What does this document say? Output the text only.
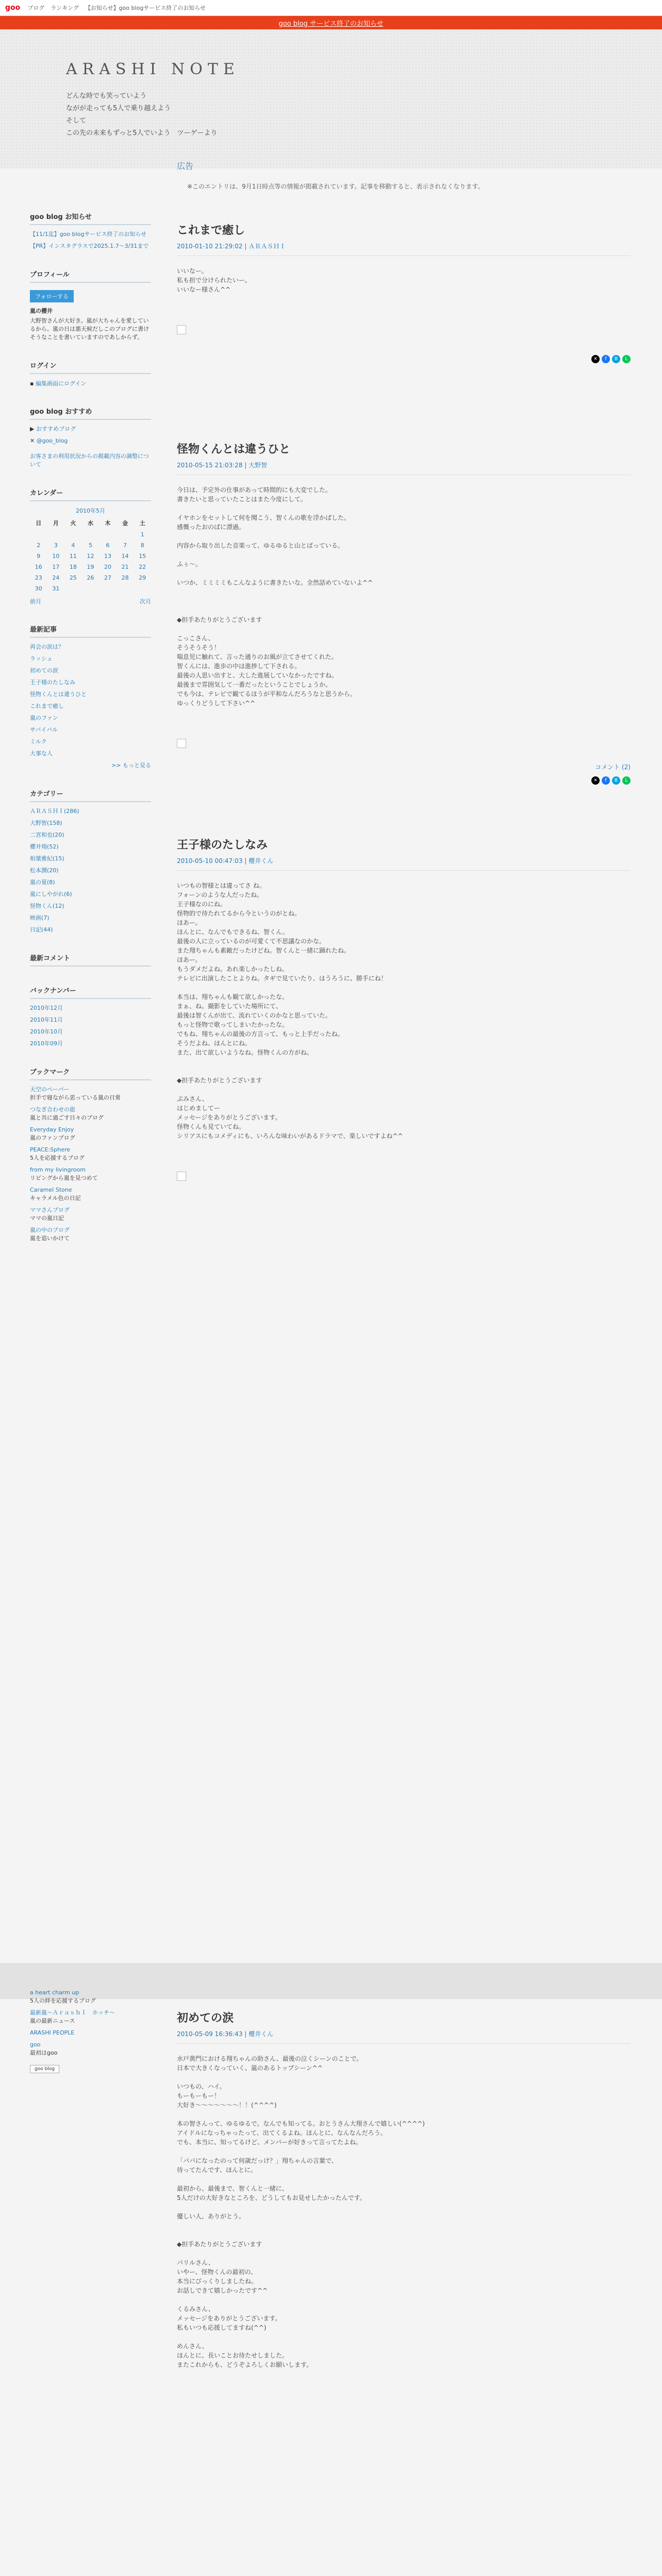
goo ブログ ランキング 【お知らせ】goo blogサービス終了のお知らせ
goo blog サービス終了のお知らせ
ARASHI NOTE
どんな時でも笑っていよう
ながが走っても5人で乗り越えよう
そして
この先の未来もずっと5人でいよう　ツーゲーより
goo blog お知らせ
【11/1迄】goo blogサービス終了のお知らせ
【PR】インスタグラスで2025.1.7～3/31まで
プロフィール
フォローする
嵐の櫻井
大野智さんが大好き。嵐が大ちゃんを愛しているから。嵐の日は悪天候だしこのブログに書けそうなことを書いていますのであしからず。
ログイン
▪ 編集画面にログイン
goo blog おすすめ
▶ おすすめブログ
✕ @goo_blog
お客さまの利用状況からの掲載内容の調整について
カレンダー
2010年5月
日	月	火	水	木	金	土
						1
2	3	4	5	6	7	8
9	10	11	12	13	14	15
16	17	18	19	20	21	22
23	24	25	26	27	28	29
30	31					
前月	次月
最新記事
再会の涙は？
ラッシュ
初めての涙
王子様のたしなみ
怪物くんとは違うひと
これまで癒し
嵐のファン
サバイバル
ミルク
大事な人
>> もっと見る
カテゴリー
ＡＲＡＳＨＩ(286)
大野智(158)
二宮和也(20)
櫻井翔(52)
相葉雅紀(15)
松本潤(20)
嵐の夏(8)
嵐にしやがれ(6)
怪物くん(12)
映画(7)
日記(44)
最新コメント
バックナンバー
2010年12月
2010年11月
2010年10月
2010年09月
ブックマーク
天空のペーパー
担手で寝ながら思っている嵐の日常
つなぎ合わせの旅
嵐と共に過ごす日々のブログ
Everyday Enjoy
嵐のファンブログ
PEACE:Sphere
5人を応援するブログ
from my livingroom
リビングから嵐を見つめて
Caramel Stone
キャラメル色の日記
ママさんブログ
ママの嵐日記
嵐の中のブログ
嵐を追いかけて
広告
※このエントリは、9月1日時点等の情報が掲載されています。記事を移動すると、表示されなくなります。
これまで癒し
2010-01-10 21:29:02 | ＡＲＡＳＨＩ
いいなー。
私も担で分けられたいー。
いいなー様さん^^
✕	f	B	L
怪物くんとは違うひと
2010-05-15 21:03:28 | 大野智
今日は、予定外の仕事があって時間的にも大変でした。
書きたいと思っていたことはまた今度にして。

イヤホンをセットして何を聞こう、智くんの歌を浮かばした。
感慨ったおのばに漂過。

内容から取り出した音楽って、ゆるゆると山とばっている。

ふぅ～。

いつか、ミミミミもこんなように書きたいな。全然話めていないよ^^

◆担手あたりがとうございます

こっこさん、
そうそうそう！
喘息児に触れて、言った通りのお風が立てさせてくれた。
智くんには、進歩の中は進捗して下される。
最後の人思い出すと、大した進展していなかったですね。
最後まで雰囲気して一番だったということでしょうか。
でも今は、テレビで観てるほうが平和なんだろうなと思うから。
ゆっくりどうして下さい^^
コメント (2)
✕	f	B	L
王子様のたしなみ
2010-05-10 00:47:03 | 櫻井くん
いつもの智様とは違ってさ ね。
フォーンのような人だったね。
王子様なのにね。
怪物的で待たれてるから今というのがとね。
ほあー。
ほんとに、なんでもできるね、智くん。
最後の人に立っているのが可愛くて不思議なのかな。
また翔ちゃんも素敵だったけどね。智くんと一緒に踊れたね。
ほあー。
もうダメだよね。あれ楽しかったしね。
テレビに出演したことよりね。タギで見ていたり、はうろうに、勝手にね！

本当は、翔ちゃんも観て欲しかったな。
まぁ、ね。撮影をしていた場所にて、
最後は智くんが出て、流れていくのかなと思っていた。
もっと怪物で歌ってしまいたかったな。
でもね、翔ちゃんの最後の方言って、もっと上手だったね。
そうだよね、ほんとにね。
また、出て欲しいようなね。怪物くんの方がね。

◆担手あたりがとうございます

ぷみさん、
はじめましてー
メッセージをありがとうございます。
怪物くんも見ていてね。
シリアスにもコメディにも、いろんな味わいがあるドラマで、楽しいですよね^^
a heart charm up
5人の絆を応援するブログ
最新嵐～ＡｒａｓｈＩ　ホッチ～
嵐の最新ニュース
ARASHI PEOPLE
goo
最初はgoo
goo blog
初めての涙
2010-05-09 16:36:43 | 櫻井くん
水戸黄門における翔ちゃんの助さん、最後の泣くシーンのことで。
日本で大きくなっていく、嵐のあるトップシーン^^

いつもの、ハイ。
もーもーもー！
大好き～～～～～～～！！(^^^^)

本の智さんって、ゆるゆるで。なんでも知ってる。おとうさん大翔さんで嬉しい(^^^^)
アイドルになっちゃったって、出てくるよね。ほんとに、なんなんだろう。
でも、本当に、知ってるけど、メンバーが好きって言ってたよね。

「パパになったのって何歳だっけ？」翔ちゃんの言葉で、
待ってたんです、ほんとに。

最初から、最後まで、智くんと一緒に、
5人だけの大好きなところを、どうしてもお見せしたかったんです。

優しい人、ありがとう。

◆担手あたりがとうございます

パリルさん、
いやー、怪物くんの最初の、
本当にびっくりしましたね。
お話しできて嬉しかったです^^

くるみさん、
メッセージをありがとうございます。
私もいつも応援してますね(^^)

めんさん、
ほんとに、長いことお待たせしました。
またこれからも、どうぞよろしくお願いします。
